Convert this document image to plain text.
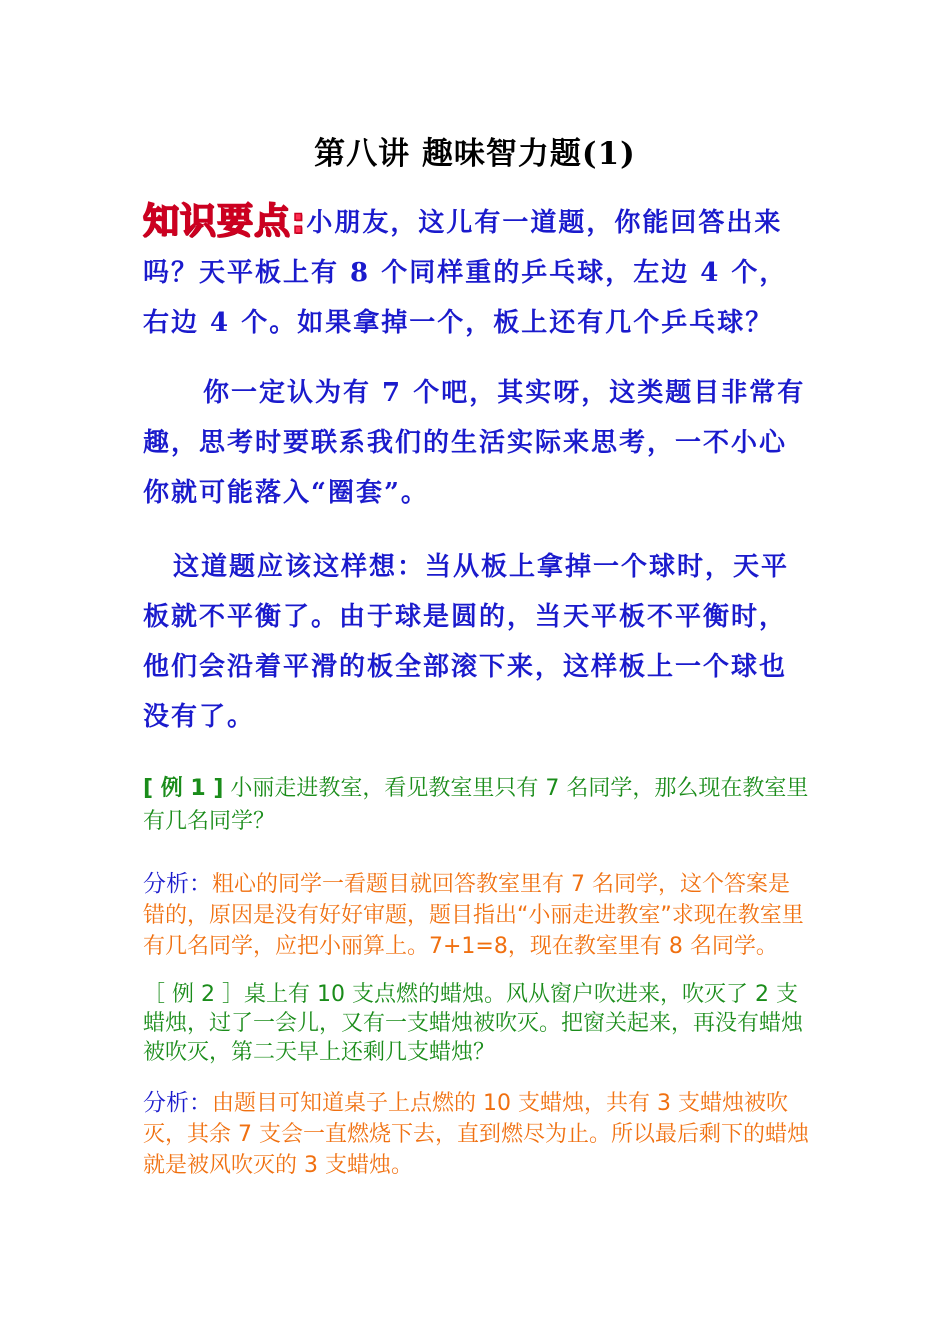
第八讲 趣味智力题(1)

知识要点:小朋友，这儿有一道题，你能回答出来吗？天平板上有 8 个同样重的乒乓球，左边 4 个，右边 4 个。如果拿掉一个，板上还有几个乒乓球？

你一定认为有 7 个吧，其实呀，这类题目非常有趣，思考时要联系我们的生活实际来思考，一不小心你就可能落入“圈套”。

这道题应该这样想：当从板上拿掉一个球时，天平板就不平衡了。由于球是圆的，当天平板不平衡时，他们会沿着平滑的板全部滚下来，这样板上一个球也没有了。

[ 例 1 ] 小丽走进教室，看见教室里只有 7 名同学，那么现在教室里有几名同学？

分析：粗心的同学一看题目就回答教室里有 7 名同学，这个答案是错的，原因是没有好好审题，题目指出“小丽走进教室”求现在教室里有几名同学，应把小丽算上。7+1=8，现在教室里有 8 名同学。

［ 例 2 ］桌上有 10 支点燃的蜡烛。风从窗户吹进来，吹灭了 2 支蜡烛，过了一会儿，又有一支蜡烛被吹灭。把窗关起来，再没有蜡烛被吹灭，第二天早上还剩几支蜡烛？

分析：由题目可知道桌子上点燃的 10 支蜡烛，共有 3 支蜡烛被吹灭，其余 7 支会一直燃烧下去，直到燃尽为止。所以最后剩下的蜡烛就是被风吹灭的 3 支蜡烛。
